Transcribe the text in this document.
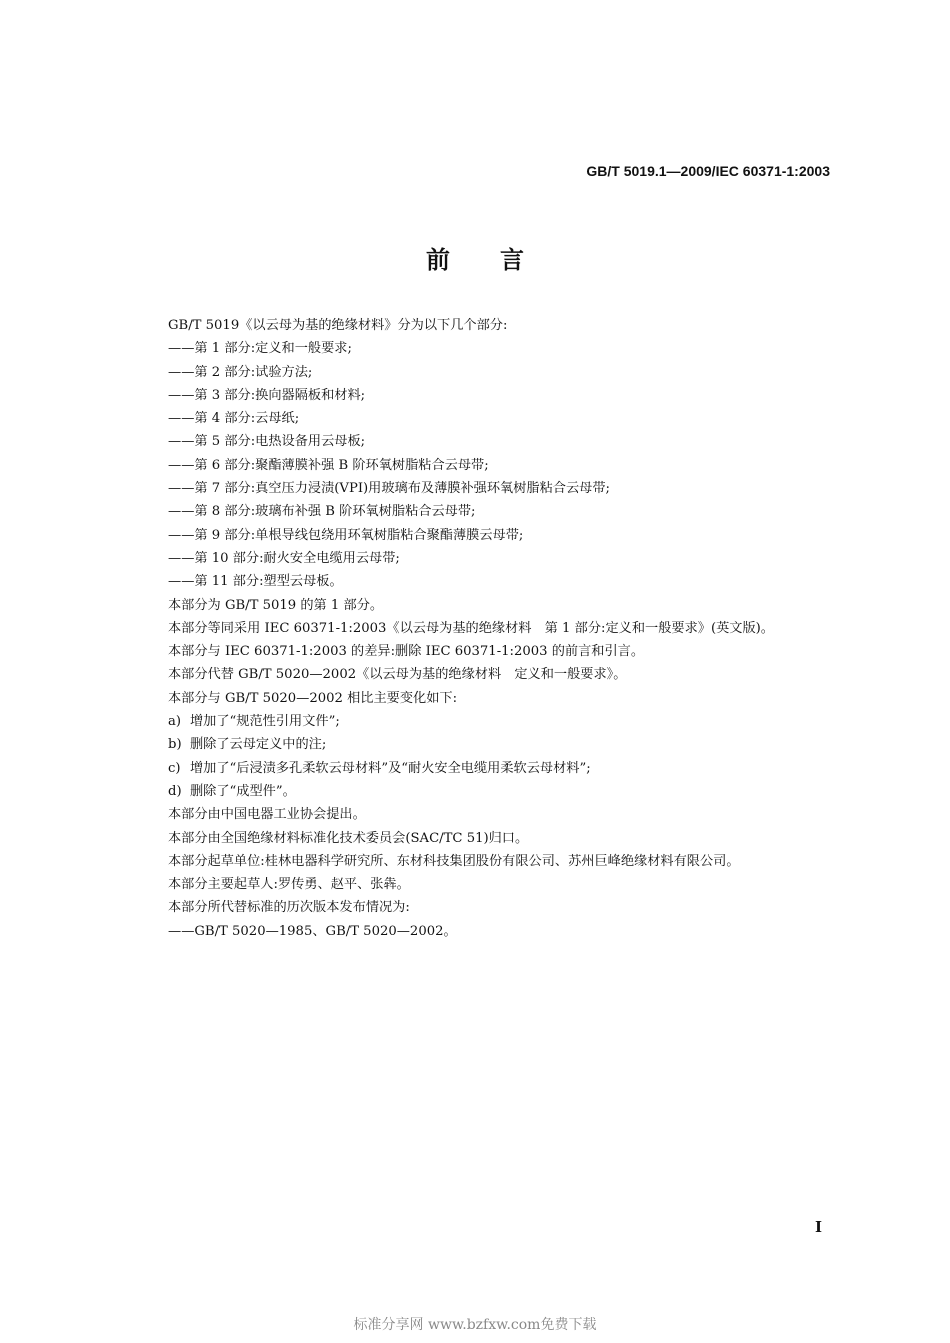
GB/T 5019.1—2009/IEC 60371-1:2003
前 言
GB/T 5019《以云母为基的绝缘材料》分为以下几个部分:
——第 1 部分:定义和一般要求;
——第 2 部分:试验方法;
——第 3 部分:换向器隔板和材料;
——第 4 部分:云母纸;
——第 5 部分:电热设备用云母板;
——第 6 部分:聚酯薄膜补强 B 阶环氧树脂粘合云母带;
——第 7 部分:真空压力浸渍(VPI)用玻璃布及薄膜补强环氧树脂粘合云母带;
——第 8 部分:玻璃布补强 B 阶环氧树脂粘合云母带;
——第 9 部分:单根导线包绕用环氧树脂粘合聚酯薄膜云母带;
——第 10 部分:耐火安全电缆用云母带;
——第 11 部分:塑型云母板。
本部分为 GB/T 5019 的第 1 部分。
本部分等同采用 IEC 60371-1:2003《以云母为基的绝缘材料　第 1 部分:定义和一般要求》(英文版)。
本部分与 IEC 60371-1:2003 的差异:删除 IEC 60371-1:2003 的前言和引言。
本部分代替 GB/T 5020—2002《以云母为基的绝缘材料　定义和一般要求》。
本部分与 GB/T 5020—2002 相比主要变化如下:
a) 增加了“规范性引用文件”;
b) 删除了云母定义中的注;
c) 增加了“后浸渍多孔柔软云母材料”及“耐火安全电缆用柔软云母材料”;
d) 删除了“成型件”。
本部分由中国电器工业协会提出。
本部分由全国绝缘材料标准化技术委员会(SAC/TC 51)归口。
本部分起草单位:桂林电器科学研究所、东材科技集团股份有限公司、苏州巨峰绝缘材料有限公司。
本部分主要起草人:罗传勇、赵平、张犇。
本部分所代替标准的历次版本发布情况为:
——GB/T 5020—1985、GB/T 5020—2002。
I
标准分享网 www.bzfxw.com免费下载
